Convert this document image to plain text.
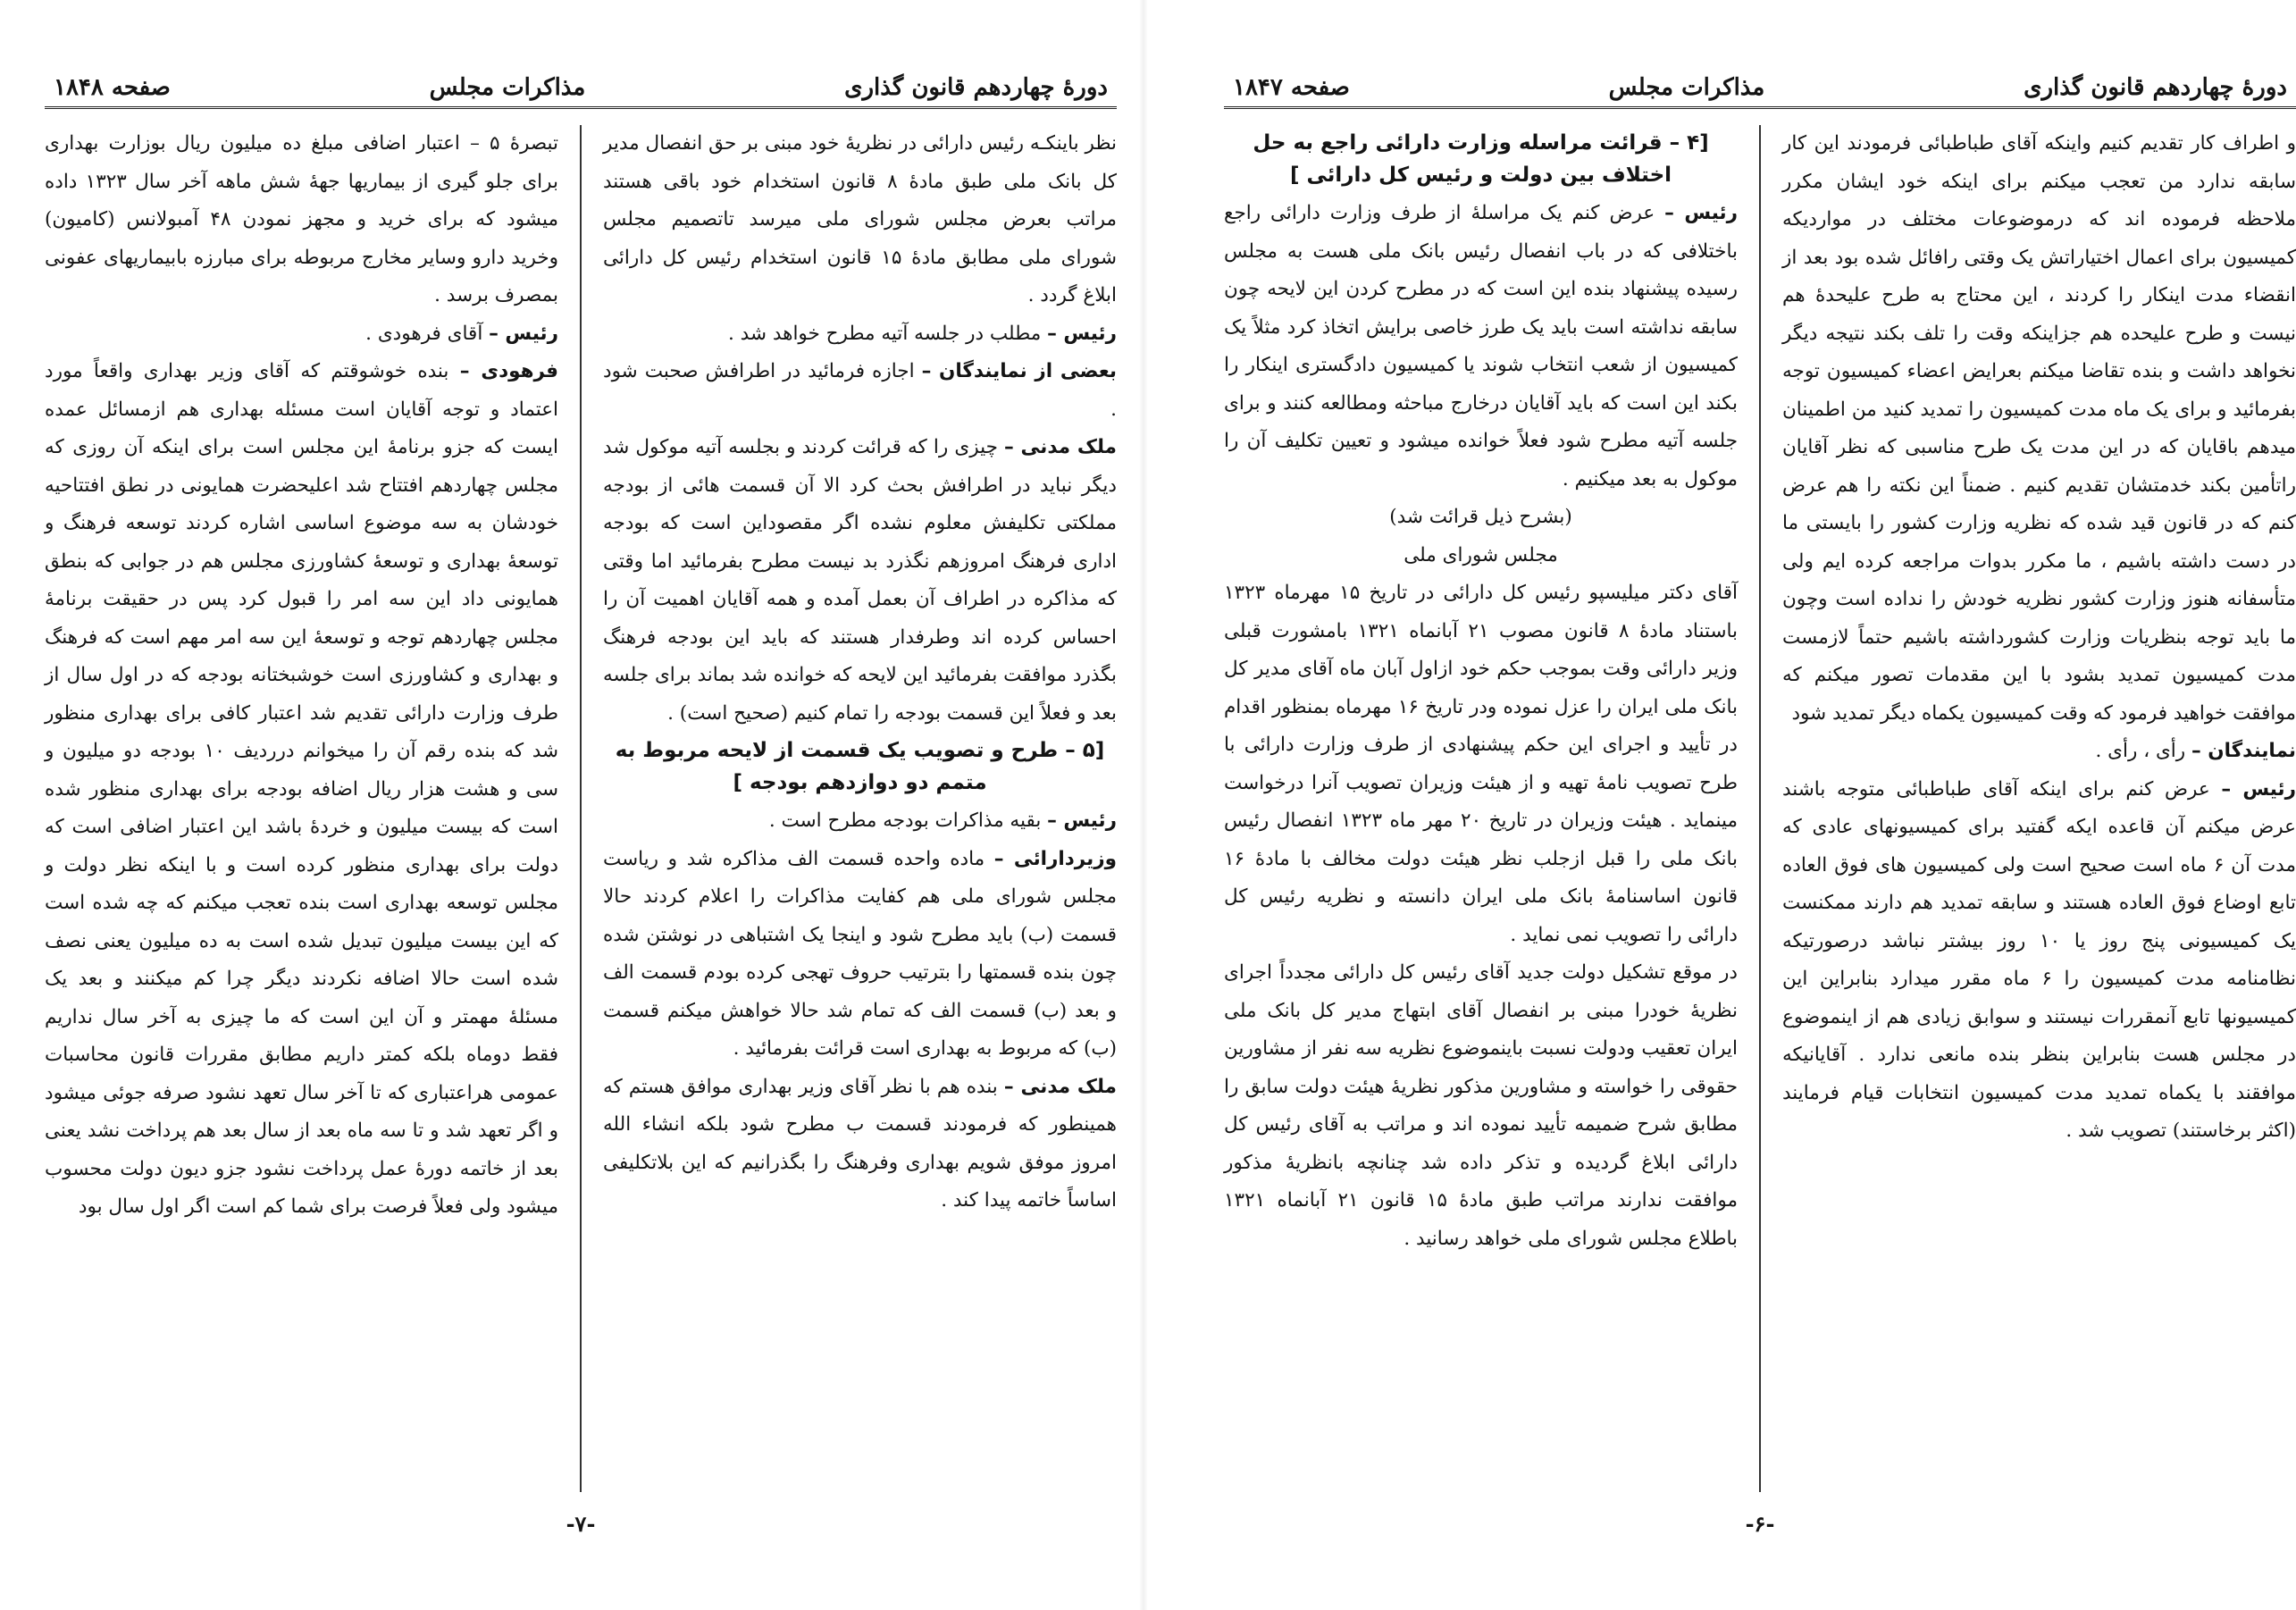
دورۀ چهاردهم قانون گذاری
مذاکرات مجلس
صفحه ۱۸۴۸

نظر باینکـه رئیس دارائی در نظریۀ خود مبنی بر حق انفصال مدیر کل بانک ملی طبق مادۀ ۸ قانون استخدام خود باقی هستند مراتب بعرض مجلس شورای ملی میرسد تاتصمیم مجلس شورای ملی مطابق مادۀ ۱۵ قانون استخدام رئیس کل دارائی ابلاغ گردد .

رئیس – مطلب در جلسه آتیه مطرح خواهد شد .

بعضی از نمایندگان – اجازه فرمائید در اطرافش صحبت شود .

ملک مدنی – چیزی را که قرائت کردند و بجلسه آتیه موکول شد دیگر نباید در اطرافش بحث کرد الا آن قسمت هائی از بودجه مملکتی تکلیفش معلوم نشده اگر مقصوداین است که بودجه اداری فرهنگ امروزهم نگذرد بد نیست مطرح بفرمائید اما وقتی که مذاکره در اطراف آن بعمل آمده و همه آقایان اهمیت آن را احساس کرده اند وطرفدار هستند که باید این بودجه فرهنگ بگذرد موافقت بفرمائید این لایحه که خوانده شد بماند برای جلسه بعد و فعلاً این قسمت بودجه را تمام کنیم (صحیح است) .

[۵ – طرح و تصویب یک قسمت از لایحه مربوط به متمم دو دوازدهم بودجه ]

رئیس – بقیه مذاکرات بودجه مطرح است .

وزیردارائی – ماده واحده قسمت الف مذاکره شد و ریاست مجلس شورای ملی هم کفایت مذاکرات را اعلام کردند حالا قسمت (ب) باید مطرح شود و اینجا یک اشتباهی در نوشتن شده چون بنده قسمتها را بترتیب حروف تهجی کرده بودم قسمت الف و بعد (ب) قسمت الف که تمام شد حالا خواهش میکنم قسمت (ب) که مربوط به بهداری است قرائت بفرمائید .

ملک مدنی – بنده هم با نظر آقای وزیر بهداری موافق هستم که همینطور که فرمودند قسمت ب مطرح شود بلکه انشاء الله امروز موفق شویم بهداری وفرهنگ را بگذرانیم که این بلاتکلیفی اساساً خاتمه پیدا کند .

تبصرۀ ۵ – اعتبار اضافی مبلغ ده میلیون ریال بوزارت بهداری برای جلو گیری از بیماریها جهۀ شش ماهه آخر سال ۱۳۲۳ داده میشود که برای خرید و مجهز نمودن ۴۸ آمبولانس (کامیون) وخرید دارو وسایر مخارج مربوطه برای مبارزه بابیماریهای عفونی بمصرف برسد .

رئیس – آقای فرهودی .

فرهودی – بنده خوشوقتم که آقای وزیر بهداری واقعاً مورد اعتماد و توجه آقایان است مسئله بهداری هم ازمسائل عمده ایست که جزو برنامۀ این مجلس است برای اینکه آن روزی که مجلس چهاردهم افتتاح شد اعلیحضرت همایونی در نطق افتتاحیه خودشان به سه موضوع اساسی اشاره کردند توسعه فرهنگ و توسعۀ بهداری و توسعۀ کشاورزی مجلس هم در جوابی که بنطق همایونی داد این سه امر را قبول کرد پس در حقیقت برنامۀ مجلس چهاردهم توجه و توسعۀ این سه امر مهم است که فرهنگ و بهداری و کشاورزی است خوشبختانه بودجه که در اول سال از طرف وزارت دارائی تقدیم شد اعتبار کافی برای بهداری منظور شد که بنده رقم آن را میخوانم درردیف ۱۰ بودجه دو میلیون و سی و هشت هزار ریال اضافه بودجه برای بهداری منظور شده است که بیست میلیون و خردۀ باشد این اعتبار اضافی است که دولت برای بهداری منظور کرده است و با اینکه نظر دولت و مجلس توسعه بهداری است بنده تعجب میکنم که چه شده است که این بیست میلیون تبدیل شده است به ده میلیون یعنی نصف شده است حالا اضافه نکردند دیگر چرا کم میکنند و بعد یک مسئلۀ مهمتر و آن این است که ما چیزی به آخر سال نداریم فقط دوماه بلکه کمتر داریم مطابق مقررات قانون محاسبات عمومی هراعتباری که تا آخر سال تعهد نشود صرفه جوئی میشود و اگر تعهد شد و تا سه ماه بعد از سال بعد هم پرداخت نشد یعنی بعد از خاتمه دورۀ عمل پرداخت نشود جزو دیون دولت محسوب میشود ولی فعلاً فرصت برای شما کم است اگر اول سال بود

-۷-
دورۀ چهاردهم قانون گذاری
مذاکرات مجلس
صفحه ۱۸۴۷

و اطراف کار تقدیم کنیم واینکه آقای طباطبائی فرمودند این کار سابقه ندارد من تعجب میکنم برای اینکه خود ایشان مکرر ملاحظه فرموده اند که درموضوعات مختلف در مواردیکه کمیسیون برای اعمال اختیاراتش یک وقتی رافائل شده بود بعد از انقضاء مدت اینکار را کردند ، این محتاج به طرح علیحدۀ هم نیست و طرح علیحده هم جزاینکه وقت را تلف بکند نتیجه دیگر نخواهد داشت و بنده تقاضا میکنم بعرایض اعضاء کمیسیون توجه بفرمائید و برای یک ماه مدت کمیسیون را تمدید کنید من اطمینان میدهم باقایان که در این مدت یک طرح مناسبی که نظر آقایان راتأمین بکند خدمتشان تقدیم کنیم . ضمناً این نکته را هم عرض کنم که در قانون قید شده که نظریه وزارت کشور را بایستی ما در دست داشته باشیم ، ما مکرر بدوات مراجعه کرده ایم ولی متأسفانه هنوز وزارت کشور نظریه خودش را نداده است وچون ما باید توجه بنظریات وزارت کشورداشته باشیم حتماً لازمست مدت کمیسیون تمدید بشود با این مقدمات تصور میکنم که موافقت خواهید فرمود که وقت کمیسیون یکماه دیگر تمدید شود

نمایندگان – رأی ، رأی .

رئیس – عرض کنم برای اینکه آقای طباطبائی متوجه باشند عرض میکنم آن قاعده ایکه گفتید برای کمیسیونهای عادی که مدت آن ۶ ماه است صحیح است ولی کمیسیون های فوق العاده تابع اوضاع فوق العاده هستند و سابقه تمدید هم دارند ممکنست یک کمیسیونی پنج روز یا ۱۰ روز بیشتر نباشد درصورتیکه نظامنامه مدت کمیسیون را ۶ ماه مقرر میدارد بنابراین این کمیسیونها تابع آنمقررات نیستند و سوابق زیادی هم از اینموضوع در مجلس هست بنابراین بنظر بنده مانعی ندارد . آقایانیکه موافقند با یکماه تمدید مدت کمیسیون انتخابات قیام فرمایند (اکثر برخاستند) تصویب شد .

[۴ – قرائت مراسله وزارت دارائی راجع به حل اختلاف بین دولت و رئیس کل دارائی ]

رئیس – عرض کنم یک مراسلۀ از طرف وزارت دارائی راجع باختلافی که در باب انفصال رئیس بانک ملی هست به مجلس رسیده پیشنهاد بنده این است که در مطرح کردن این لایحه چون سابقه نداشته است باید یک طرز خاصی برایش اتخاذ کرد مثلاً یک کمیسیون از شعب انتخاب شوند یا کمیسیون دادگستری اینکار را بکند این است که باید آقایان درخارج مباحثه ومطالعه کنند و برای جلسه آتیه مطرح شود فعلاً خوانده میشود و تعیین تکلیف آن را موکول به بعد میکنیم .

(بشرح ذیل قرائت شد)

مجلس شورای ملی

آقای دکتر میلیسپو رئیس کل دارائی در تاریخ ۱۵ مهرماه ۱۳۲۳ باستناد مادۀ ۸ قانون مصوب ۲۱ آبانماه ۱۳۲۱ بامشورت قبلی وزیر دارائی وقت بموجب حکم خود ازاول آبان ماه آقای مدیر کل بانک ملی ایران را عزل نموده ودر تاریخ ۱۶ مهرماه بمنظور اقدام در تأیید و اجرای این حکم پیشنهادی از طرف وزارت دارائی با طرح تصویب نامۀ تهیه و از هیئت وزیران تصویب آنرا درخواست مینماید . هیئت وزیران در تاریخ ۲۰ مهر ماه ۱۳۲۳ انفصال رئیس بانک ملی را قبل ازجلب نظر هیئت دولت مخالف با مادۀ ۱۶ قانون اساسنامۀ بانک ملی ایران دانسته و نظریه رئیس کل دارائی را تصویب نمی نماید .

در موقع تشکیل دولت جدید آقای رئیس کل دارائی مجدداً اجرای نظریۀ خودرا مبنی بر انفصال آقای ابتهاج مدیر کل بانک ملی ایران تعقیب ودولت نسبت باینموضوع نظریه سه نفر از مشاورین حقوقی را خواسته و مشاورین مذکور نظریۀ هیئت دولت سابق را مطابق شرح ضمیمه تأیید نموده اند و مراتب به آقای رئیس کل دارائی ابلاغ گردیده و تذکر داده شد چنانچه بانظریۀ مذکور موافقت ندارند مراتب طبق مادۀ ۱۵ قانون ۲۱ آبانماه ۱۳۲۱ باطلاع مجلس شورای ملی خواهد رسانید .

-۶-
